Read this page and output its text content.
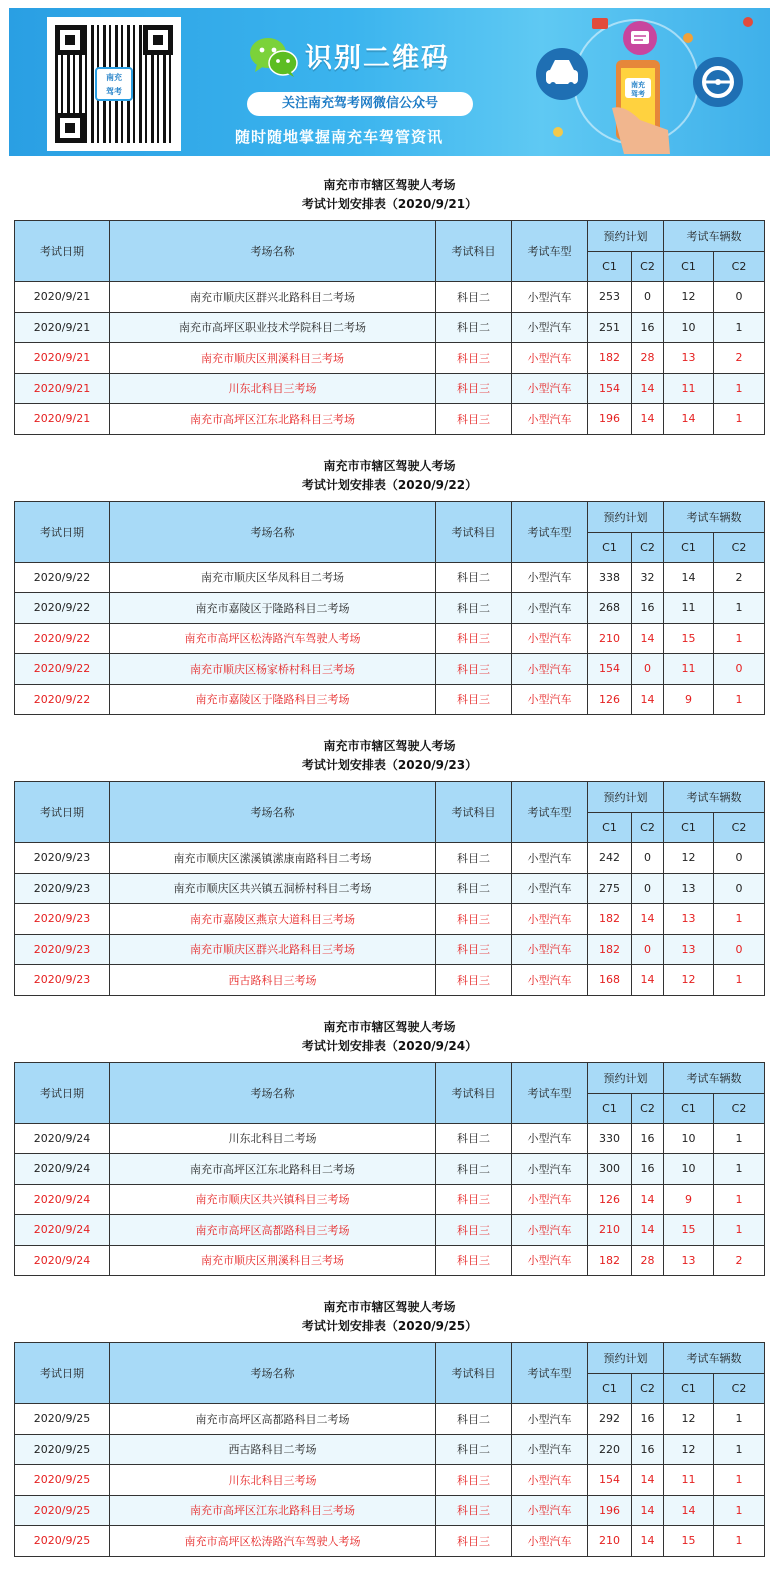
南充
驾考
识别二维码
关注南充驾考网微信公众号
随时随地掌握南充车驾管资讯
南充
驾考
南充市市辖区驾驶人考场
考试计划安排表（2020/9/21）
考试日期	考场名称	考试科目	考试车型	预约计划		考试车辆数	
				C1	C2	C1	C2
2020/9/21	南充市顺庆区群兴北路科目二考场	科目二	小型汽车	253	0	12	0
2020/9/21	南充市高坪区职业技术学院科目二考场	科目二	小型汽车	251	16	10	1
2020/9/21	南充市顺庆区荆溪科目三考场	科目三	小型汽车	182	28	13	2
2020/9/21	川东北科目三考场	科目三	小型汽车	154	14	11	1
2020/9/21	南充市高坪区江东北路科目三考场	科目三	小型汽车	196	14	14	1
南充市市辖区驾驶人考场
考试计划安排表（2020/9/22）
考试日期	考场名称	考试科目	考试车型	预约计划		考试车辆数	
				C1	C2	C1	C2
2020/9/22	南充市顺庆区华凤科目二考场	科目二	小型汽车	338	32	14	2
2020/9/22	南充市嘉陵区于隆路科目二考场	科目二	小型汽车	268	16	11	1
2020/9/22	南充市高坪区松涛路汽车驾驶人考场	科目三	小型汽车	210	14	15	1
2020/9/22	南充市顺庆区杨家桥村科目三考场	科目三	小型汽车	154	0	11	0
2020/9/22	南充市嘉陵区于隆路科目三考场	科目三	小型汽车	126	14	9	1
南充市市辖区驾驶人考场
考试计划安排表（2020/9/23）
考试日期	考场名称	考试科目	考试车型	预约计划		考试车辆数	
				C1	C2	C1	C2
2020/9/23	南充市顺庆区潆溪镇潆康南路科目二考场	科目二	小型汽车	242	0	12	0
2020/9/23	南充市顺庆区共兴镇五洞桥村科目二考场	科目二	小型汽车	275	0	13	0
2020/9/23	南充市嘉陵区燕京大道科目三考场	科目三	小型汽车	182	14	13	1
2020/9/23	南充市顺庆区群兴北路科目三考场	科目三	小型汽车	182	0	13	0
2020/9/23	西古路科目三考场	科目三	小型汽车	168	14	12	1
南充市市辖区驾驶人考场
考试计划安排表（2020/9/24）
考试日期	考场名称	考试科目	考试车型	预约计划		考试车辆数	
				C1	C2	C1	C2
2020/9/24	川东北科目二考场	科目二	小型汽车	330	16	10	1
2020/9/24	南充市高坪区江东北路科目二考场	科目二	小型汽车	300	16	10	1
2020/9/24	南充市顺庆区共兴镇科目三考场	科目三	小型汽车	126	14	9	1
2020/9/24	南充市高坪区高都路科目三考场	科目三	小型汽车	210	14	15	1
2020/9/24	南充市顺庆区荆溪科目三考场	科目三	小型汽车	182	28	13	2
南充市市辖区驾驶人考场
考试计划安排表（2020/9/25）
考试日期	考场名称	考试科目	考试车型	预约计划		考试车辆数	
				C1	C2	C1	C2
2020/9/25	南充市高坪区高都路科目二考场	科目二	小型汽车	292	16	12	1
2020/9/25	西古路科目二考场	科目二	小型汽车	220	16	12	1
2020/9/25	川东北科目三考场	科目三	小型汽车	154	14	11	1
2020/9/25	南充市高坪区江东北路科目三考场	科目三	小型汽车	196	14	14	1
2020/9/25	南充市高坪区松涛路汽车驾驶人考场	科目三	小型汽车	210	14	15	1
